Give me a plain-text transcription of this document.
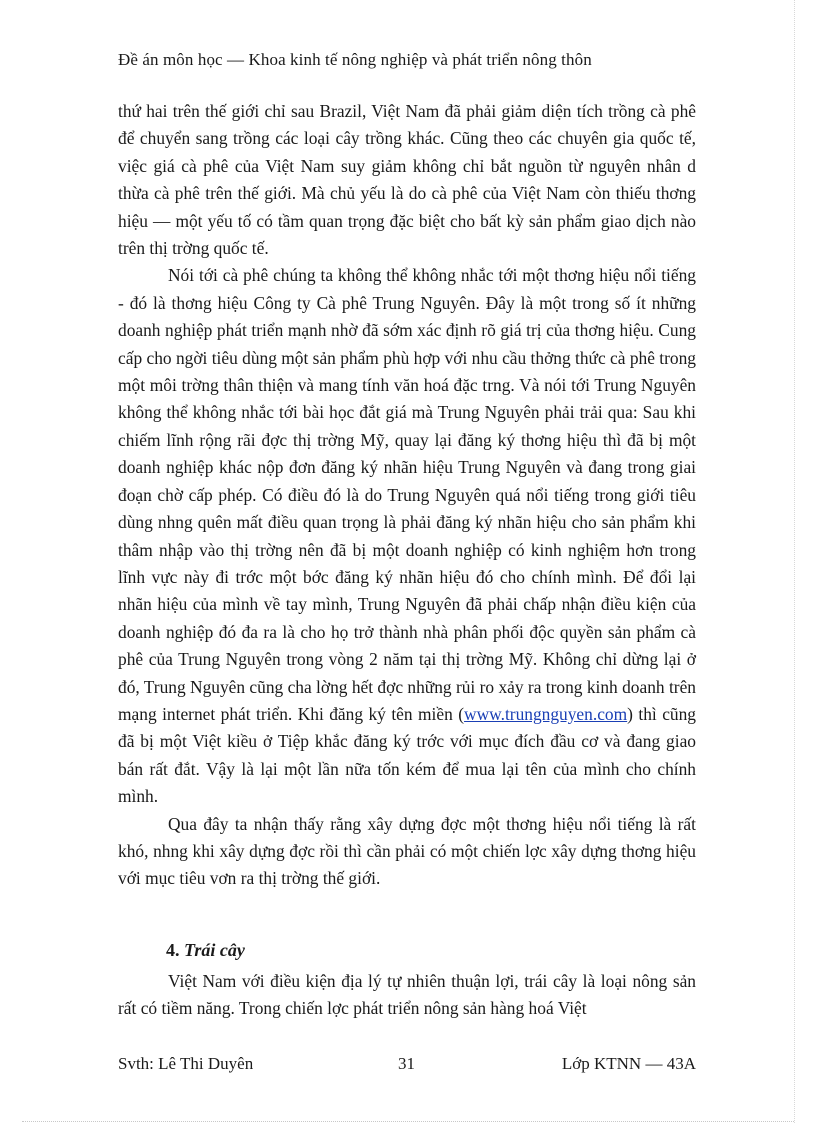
Đề án môn học — Khoa kinh tế nông nghiệp và phát triển nông thôn

thứ hai trên thế giới chỉ sau Brazil, Việt Nam đã phải giảm diện tích trồng cà phê để chuyển sang trồng các loại cây trồng khác. Cũng theo các chuyên gia quốc tế, việc giá cà phê của Việt Nam suy giảm không chỉ bắt nguồn từ nguyên nhân d thừa cà phê trên thế giới. Mà chủ yếu là do cà phê của Việt Nam còn thiếu thơng hiệu — một yếu tố có tầm quan trọng đặc biệt cho bất kỳ sản phẩm giao dịch nào trên thị trờng quốc tế.

Nói tới cà phê chúng ta không thể không nhắc tới một thơng hiệu nổi tiếng - đó là thơng hiệu Công ty Cà phê Trung Nguyên. Đây là một trong số ít những doanh nghiệp phát triển mạnh nhờ đã sớm xác định rõ giá trị của thơng hiệu. Cung cấp cho ngời tiêu dùng một sản phẩm phù hợp với nhu cầu thởng thức cà phê trong một môi trờng thân thiện và mang tính văn hoá đặc trng. Và nói tới Trung Nguyên không thể không nhắc tới bài học đắt giá mà Trung Nguyên phải trải qua: Sau khi chiếm lĩnh rộng rãi đợc thị trờng Mỹ, quay lại đăng ký thơng hiệu thì đã bị một doanh nghiệp khác nộp đơn đăng ký nhãn hiệu Trung Nguyên và đang trong giai đoạn chờ cấp phép. Có điều đó là do Trung Nguyên quá nổi tiếng trong giới tiêu dùng nhng quên mất điều quan trọng là phải đăng ký nhãn hiệu cho sản phẩm khi thâm nhập vào thị trờng nên đã bị một doanh nghiệp có kinh nghiệm hơn trong lĩnh vực này đi trớc một bớc đăng ký nhãn hiệu đó cho chính mình. Để đổi lại nhãn hiệu của mình về tay mình, Trung Nguyên đã phải chấp nhận điều kiện của doanh nghiệp đó đa ra là cho họ trở thành nhà phân phối độc quyền sản phẩm cà phê của Trung Nguyên trong vòng 2 năm tại thị trờng Mỹ. Không chỉ dừng lại ở đó, Trung Nguyên cũng cha lờng hết đợc những rủi ro xảy ra trong kinh doanh trên mạng internet phát triển. Khi đăng ký tên miền (www.trungnguyen.com) thì cũng đã bị một Việt kiều ở Tiệp khắc đăng ký trớc với mục đích đầu cơ và đang giao bán rất đắt. Vậy là lại một lần nữa tốn kém để mua lại tên của mình cho chính mình.

Qua đây ta nhận thấy rằng xây dựng đợc một thơng hiệu nổi tiếng là rất khó, nhng khi xây dựng đợc rồi thì cần phải có một chiến lợc xây dựng thơng hiệu với mục tiêu vơn ra thị trờng thế giới.

4. Trái cây

Việt Nam với điều kiện địa lý tự nhiên thuận lợi, trái cây là loại nông sản rất có tiềm năng. Trong chiến lợc phát triển nông sản hàng hoá Việt

Svth: Lê Thi Duyên	31	Lớp KTNN — 43A
